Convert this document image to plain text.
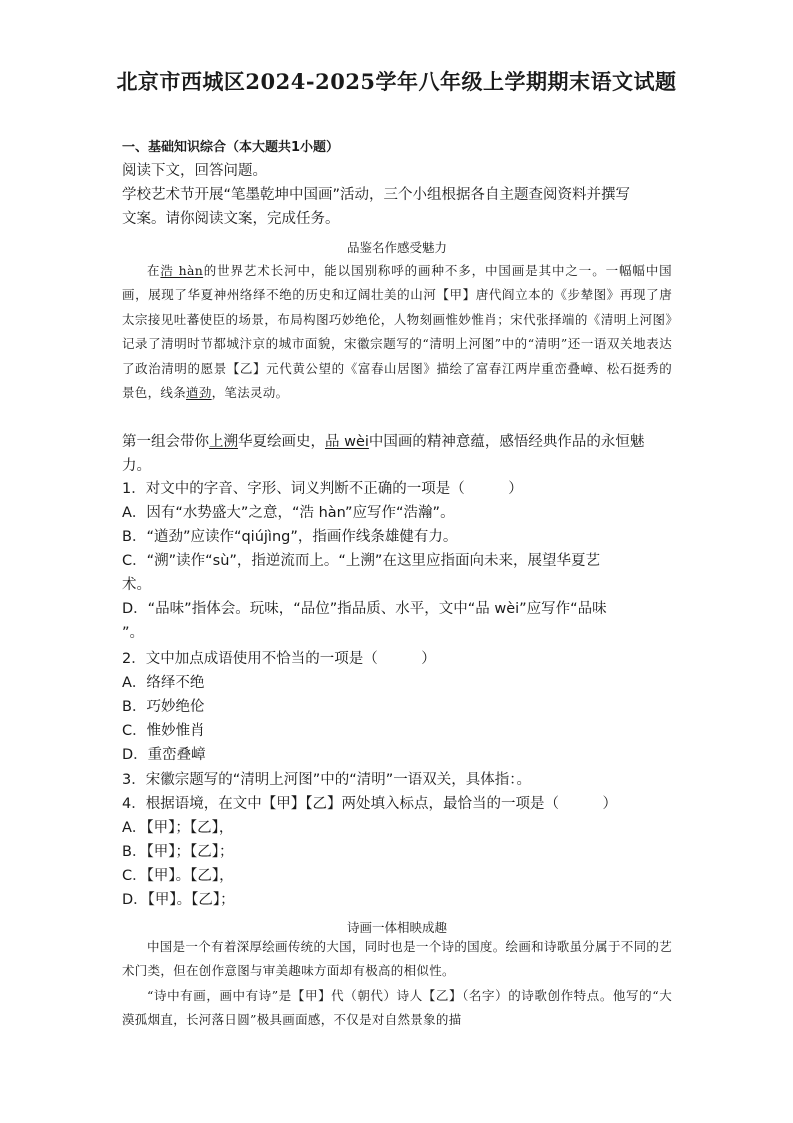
北京市西城区2024-2025学年八年级上学期期末语文试题
一、基础知识综合（本大题共1小题）
阅读下文，回答问题。
学校艺术节开展“笔墨乾坤中国画”活动，三个小组根据各自主题查阅资料并撰写
文案。请你阅读文案，完成任务。
品鉴名作感受魅力

在浩 hàn的世界艺术长河中，能以国别称呼的画种不多，中国画是其中之一。一幅幅中国画，展现了华夏神州络绎不绝的历史和辽阔壮美的山河【甲】唐代阎立本的《步辇图》再现了唐太宗接见吐蕃使臣的场景，布局构图巧妙绝伦，人物刻画惟妙惟肖；宋代张择端的《清明上河图》记录了清明时节都城汴京的城市面貌，宋徽宗题写的“清明上河图”中的“清明”还一语双关地表达了政治清明的愿景【乙】元代黄公望的《富春山居图》描绘了富春江两岸重峦叠嶂、松石挺秀的景色，线条遒劲，笔法灵动。

第一组会带你上溯华夏绘画史，品 wèi中国画的精神意蕴，感悟经典作品的永恒魅
力。
1．对文中的字音、字形、词义判断不正确的一项是（　　　）
A．因有“水势盛大”之意，“浩 hàn”应写作“浩瀚”。
B．“遒劲”应读作“qiújìng”，指画作线条雄健有力。
C．“溯”读作“sù”，指逆流而上。“上溯”在这里应指面向未来，展望华夏艺
术。
D．“品味”指体会。玩味，“品位”指品质、水平，文中“品 wèi”应写作“品味
”。
2．文中加点成语使用不恰当的一项是（　　　）
A．络绎不绝
B．巧妙绝伦
C．惟妙惟肖
D．重峦叠嶂
3．宋徽宗题写的“清明上河图”中的“清明”一语双关，具体指：。
4．根据语境，在文中【甲】【乙】两处填入标点，最恰当的一项是（　　　）
A．【甲】；【乙】，
B．【甲】；【乙】；
C．【甲】。【乙】，
D．【甲】。【乙】；
诗画一体相映成趣

中国是一个有着深厚绘画传统的大国，同时也是一个诗的国度。绘画和诗歌虽分属于不同的艺术门类，但在创作意图与审美趣味方面却有极高的相似性。

“诗中有画，画中有诗”是【甲】代（朝代）诗人【乙】（名字）的诗歌创作特点。他写的“大漠孤烟直，长河落日圆”极具画面感，不仅是对自然景象的描
